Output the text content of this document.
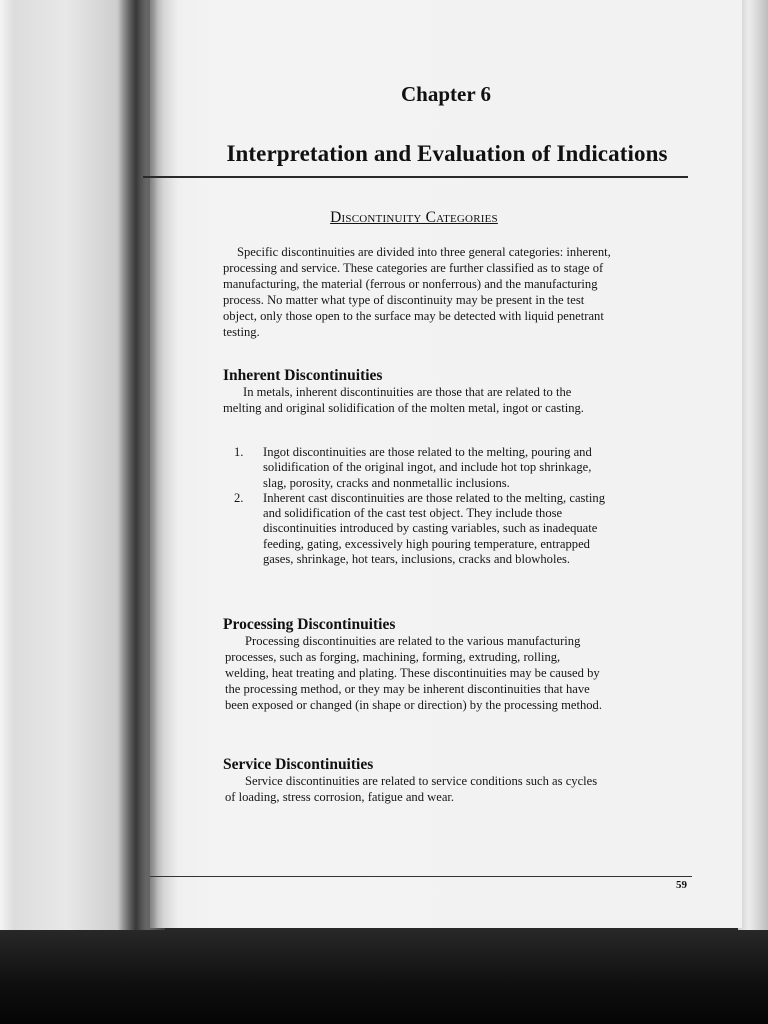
Chapter 6
Interpretation and Evaluation of Indications
Discontinuity Categories

Specific discontinuities are divided into three general categories: inherent, processing and service. These categories are further classified as to stage of manufacturing, the material (ferrous or nonferrous) and the manufacturing process. No matter what type of discontinuity may be present in the test object, only those open to the surface may be detected with liquid penetrant testing.

Inherent Discontinuities

In metals, inherent discontinuities are those that are related to the melting and original solidification of the molten metal, ingot or casting.

1. Ingot discontinuities are those related to the melting, pouring and solidification of the original ingot, and include hot top shrinkage, slag, porosity, cracks and nonmetallic inclusions.
2. Inherent cast discontinuities are those related to the melting, casting and solidification of the cast test object. They include those discontinuities introduced by casting variables, such as inadequate feeding, gating, excessively high pouring temperature, entrapped gases, shrinkage, hot tears, inclusions, cracks and blowholes.
Processing Discontinuities

Processing discontinuities are related to the various manufacturing processes, such as forging, machining, forming, extruding, rolling, welding, heat treating and plating. These discontinuities may be caused by the processing method, or they may be inherent discontinuities that have been exposed or changed (in shape or direction) by the processing method.

Service Discontinuities

Service discontinuities are related to service conditions such as cycles of loading, stress corrosion, fatigue and wear.

59
